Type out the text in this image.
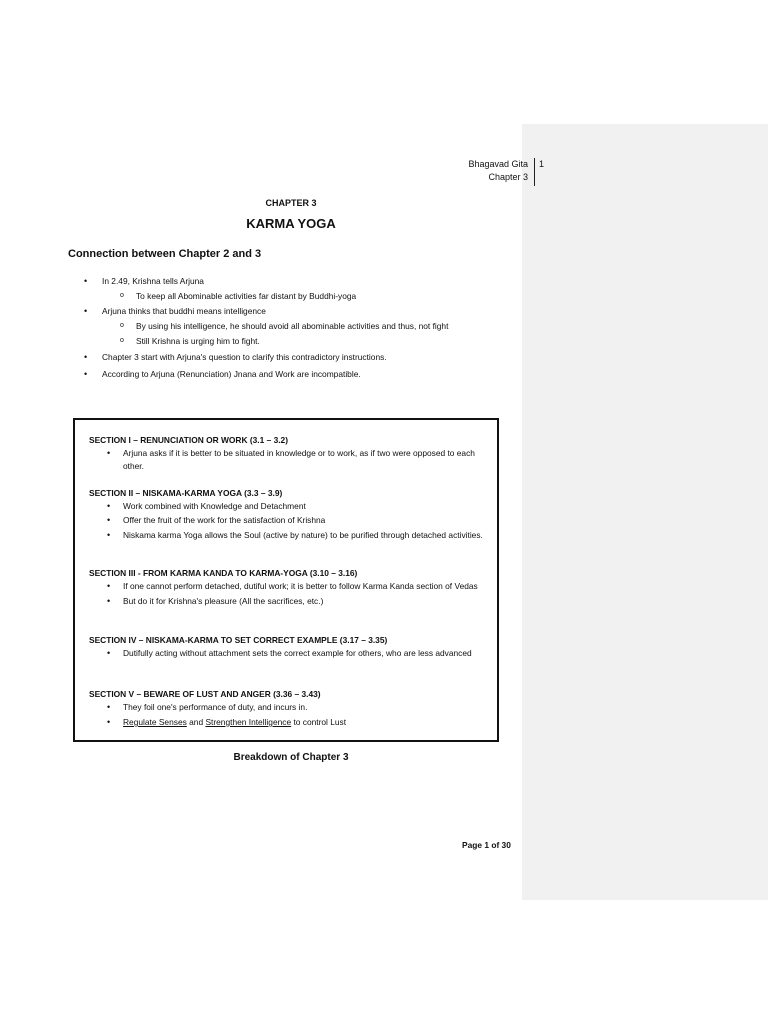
Bhagavad Gita
Chapter 3
1
CHAPTER 3
KARMA YOGA
Connection between Chapter 2 and 3
• In 2.49, Krishna tells Arjuna
o To keep all Abominable activities far distant by Buddhi-yoga
• Arjuna thinks that buddhi means intelligence
o By using his intelligence, he should avoid all abominable activities and thus, not fight
o Still Krishna is urging him to fight.
• Chapter 3 start with Arjuna's question to clarify this contradictory instructions.
• According to Arjuna (Renunciation) Jnana and Work are incompatible.
SECTION I – RENUNCIATION OR WORK (3.1 – 3.2)
• Arjuna asks if it is better to be situated in knowledge or to work, as if two were opposed to each other.
SECTION II – NISKAMA-KARMA YOGA (3.3 – 3.9)
• Work combined with Knowledge and Detachment
• Offer the fruit of the work for the satisfaction of Krishna
• Niskama karma Yoga allows the Soul (active by nature) to be purified through detached activities.
SECTION III - FROM KARMA KANDA TO KARMA-YOGA (3.10 – 3.16)
• If one cannot perform detached, dutiful work; it is better to follow Karma Kanda section of Vedas
• But do it for Krishna's pleasure (All the sacrifices, etc.)
SECTION IV – NISKAMA-KARMA TO SET CORRECT EXAMPLE (3.17 – 3.35)
• Dutifully acting without attachment sets the correct example for others, who are less advanced
SECTION V – BEWARE OF LUST AND ANGER (3.36 – 3.43)
• They foil one's performance of duty, and incurs in.
• Regulate Senses and Strengthen Intelligence to control Lust
Breakdown of Chapter 3
Page 1 of 30
